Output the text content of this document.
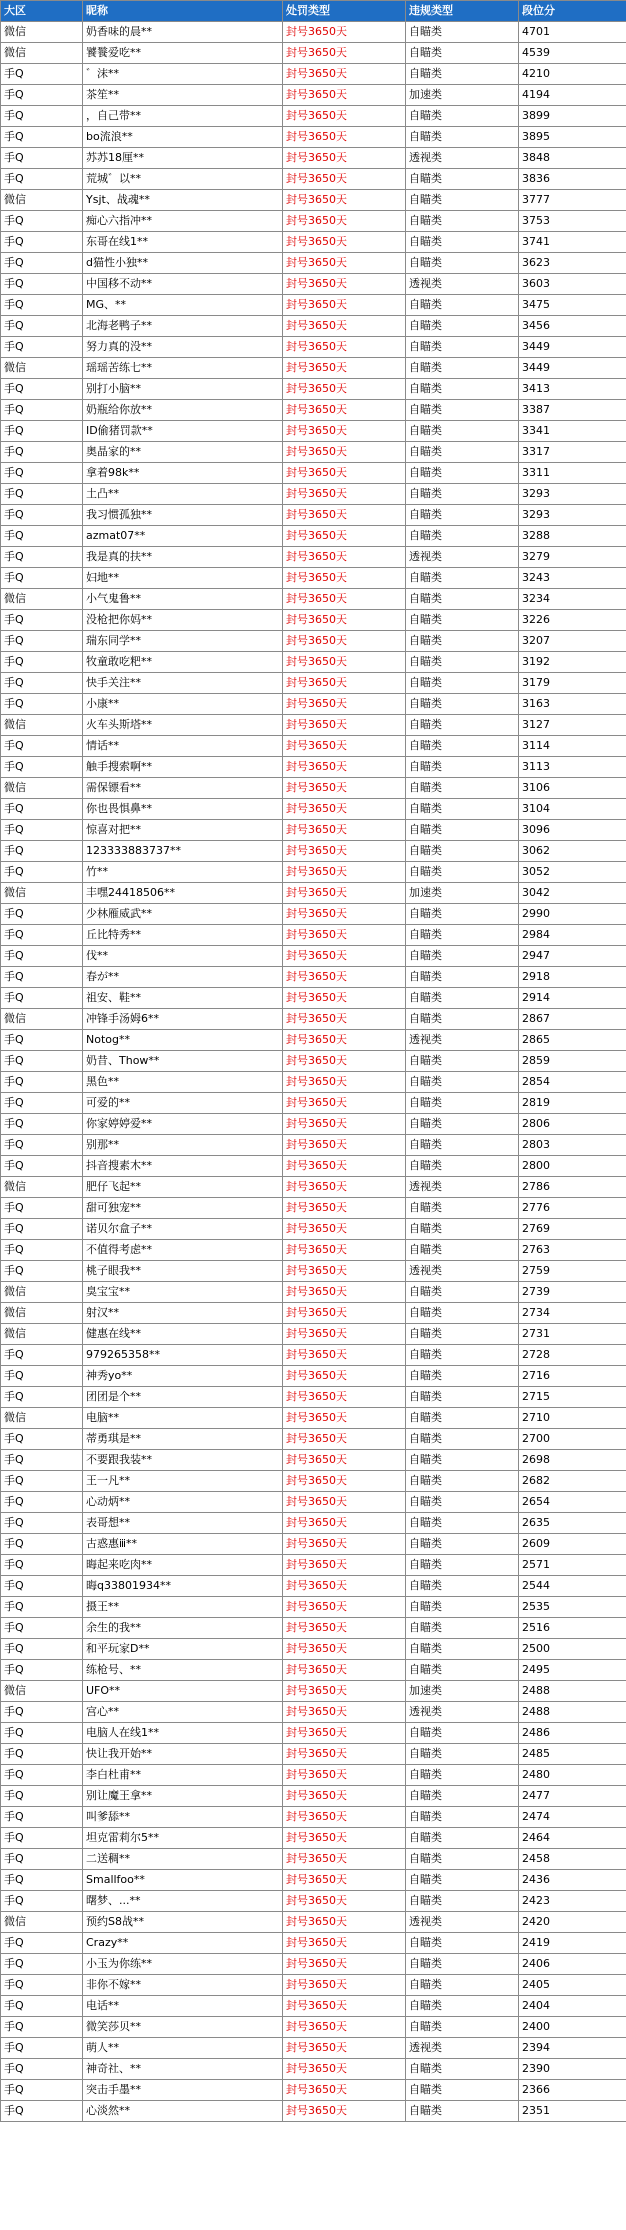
大区	昵称	处罚类型	违规类型	段位分
微信	奶香味的晨**	封号3650天	自瞄类	4701
微信	饕餮爱吃**	封号3650天	自瞄类	4539
手Q	゛沫**	封号3650天	自瞄类	4210
手Q	茶笙**	封号3650天	加速类	4194
手Q	，自己带**	封号3650天	自瞄类	3899
手Q	bo流浪**	封号3650天	自瞄类	3895
手Q	苏苏18厘**	封号3650天	透视类	3848
手Q	荒城゛以**	封号3650天	自瞄类	3836
微信	Ysjt、战魂**	封号3650天	自瞄类	3777
手Q	痴心六指冲**	封号3650天	自瞄类	3753
手Q	东哥在线1**	封号3650天	自瞄类	3741
手Q	d猫性小独**	封号3650天	自瞄类	3623
手Q	中国移不动**	封号3650天	透视类	3603
手Q	MG、**	封号3650天	自瞄类	3475
手Q	北海老鸭子**	封号3650天	自瞄类	3456
手Q	努力真的没**	封号3650天	自瞄类	3449
微信	瑶瑶苦练七**	封号3650天	自瞄类	3449
手Q	别打小脑**	封号3650天	自瞄类	3413
手Q	奶瓶给你放**	封号3650天	自瞄类	3387
手Q	ID偷猪罚款**	封号3650天	自瞄类	3341
手Q	奥晶家的**	封号3650天	自瞄类	3317
手Q	拿着98k**	封号3650天	自瞄类	3311
手Q	土凸**	封号3650天	自瞄类	3293
手Q	我习惯孤独**	封号3650天	自瞄类	3293
手Q	azmat07**	封号3650天	自瞄类	3288
手Q	我是真的扶**	封号3650天	透视类	3279
手Q	妇地**	封号3650天	自瞄类	3243
微信	小气鬼鲁**	封号3650天	自瞄类	3234
手Q	没枪把你妈**	封号3650天	自瞄类	3226
手Q	瑞东同学**	封号3650天	自瞄类	3207
手Q	牧童敢吃粑**	封号3650天	自瞄类	3192
手Q	快手关注**	封号3650天	自瞄类	3179
手Q	小康**	封号3650天	自瞄类	3163
微信	火车头斯塔**	封号3650天	自瞄类	3127
手Q	情话**	封号3650天	自瞄类	3114
手Q	触手搜索啊**	封号3650天	自瞄类	3113
微信	需保镖看**	封号3650天	自瞄类	3106
手Q	你也畏惧鼻**	封号3650天	自瞄类	3104
手Q	惊喜对把**	封号3650天	自瞄类	3096
手Q	123333883737**	封号3650天	自瞄类	3062
手Q	竹**	封号3650天	自瞄类	3052
微信	丰嘿24418506**	封号3650天	加速类	3042
手Q	少林雁威武**	封号3650天	自瞄类	2990
手Q	丘比特秀**	封号3650天	自瞄类	2984
手Q	伐**	封号3650天	自瞄类	2947
手Q	春が**	封号3650天	自瞄类	2918
手Q	祖安、鞋**	封号3650天	自瞄类	2914
微信	冲锋手汤姆6**	封号3650天	自瞄类	2867
手Q	Notog**	封号3650天	透视类	2865
手Q	奶昔、Thow**	封号3650天	自瞄类	2859
手Q	黑色**	封号3650天	自瞄类	2854
手Q	可爱的**	封号3650天	自瞄类	2819
手Q	你家婷婷爱**	封号3650天	自瞄类	2806
手Q	别那**	封号3650天	自瞄类	2803
手Q	抖音搜素木**	封号3650天	自瞄类	2800
微信	肥仔飞起**	封号3650天	透视类	2786
手Q	甜可独宠**	封号3650天	自瞄类	2776
手Q	诺贝尔盒子**	封号3650天	自瞄类	2769
手Q	不值得考虑**	封号3650天	自瞄类	2763
手Q	桃子眼我**	封号3650天	透视类	2759
微信	臭宝宝**	封号3650天	自瞄类	2739
微信	射汉**	封号3650天	自瞄类	2734
微信	健惠在线**	封号3650天	自瞄类	2731
手Q	979265358**	封号3650天	自瞄类	2728
手Q	神秀yo**	封号3650天	自瞄类	2716
手Q	团团是个**	封号3650天	自瞄类	2715
微信	电脑**	封号3650天	自瞄类	2710
手Q	蒂勇琪是**	封号3650天	自瞄类	2700
手Q	不要跟我装**	封号3650天	自瞄类	2698
手Q	王一凡**	封号3650天	自瞄类	2682
手Q	心动炳**	封号3650天	自瞄类	2654
手Q	表哥想**	封号3650天	自瞄类	2635
手Q	古惑惠ⅲ**	封号3650天	自瞄类	2609
手Q	晦起来吃肉**	封号3650天	自瞄类	2571
手Q	晦q33801934**	封号3650天	自瞄类	2544
手Q	摄王**	封号3650天	自瞄类	2535
手Q	余生的我**	封号3650天	自瞄类	2516
手Q	和平玩家D**	封号3650天	自瞄类	2500
手Q	练枪号、**	封号3650天	自瞄类	2495
微信	UFO**	封号3650天	加速类	2488
手Q	宫心**	封号3650天	透视类	2488
手Q	电脑人在线1**	封号3650天	自瞄类	2486
手Q	快让我开始**	封号3650天	自瞄类	2485
手Q	李白杜甫**	封号3650天	自瞄类	2480
手Q	别让魔王拿**	封号3650天	自瞄类	2477
手Q	叫爹舔**	封号3650天	自瞄类	2474
手Q	坦克雷莉尔5**	封号3650天	自瞄类	2464
手Q	二送稠**	封号3650天	自瞄类	2458
手Q	Smallfoo**	封号3650天	自瞄类	2436
手Q	曙梦、...**	封号3650天	自瞄类	2423
微信	预约S8战**	封号3650天	透视类	2420
手Q	Crazy**	封号3650天	自瞄类	2419
手Q	小玉为你练**	封号3650天	自瞄类	2406
手Q	非你不嫁**	封号3650天	自瞄类	2405
手Q	电话**	封号3650天	自瞄类	2404
手Q	微笑莎贝**	封号3650天	自瞄类	2400
手Q	萌人**	封号3650天	透视类	2394
手Q	神奇社、**	封号3650天	自瞄类	2390
手Q	突击手墨**	封号3650天	自瞄类	2366
手Q	心淡然**	封号3650天	自瞄类	2351
